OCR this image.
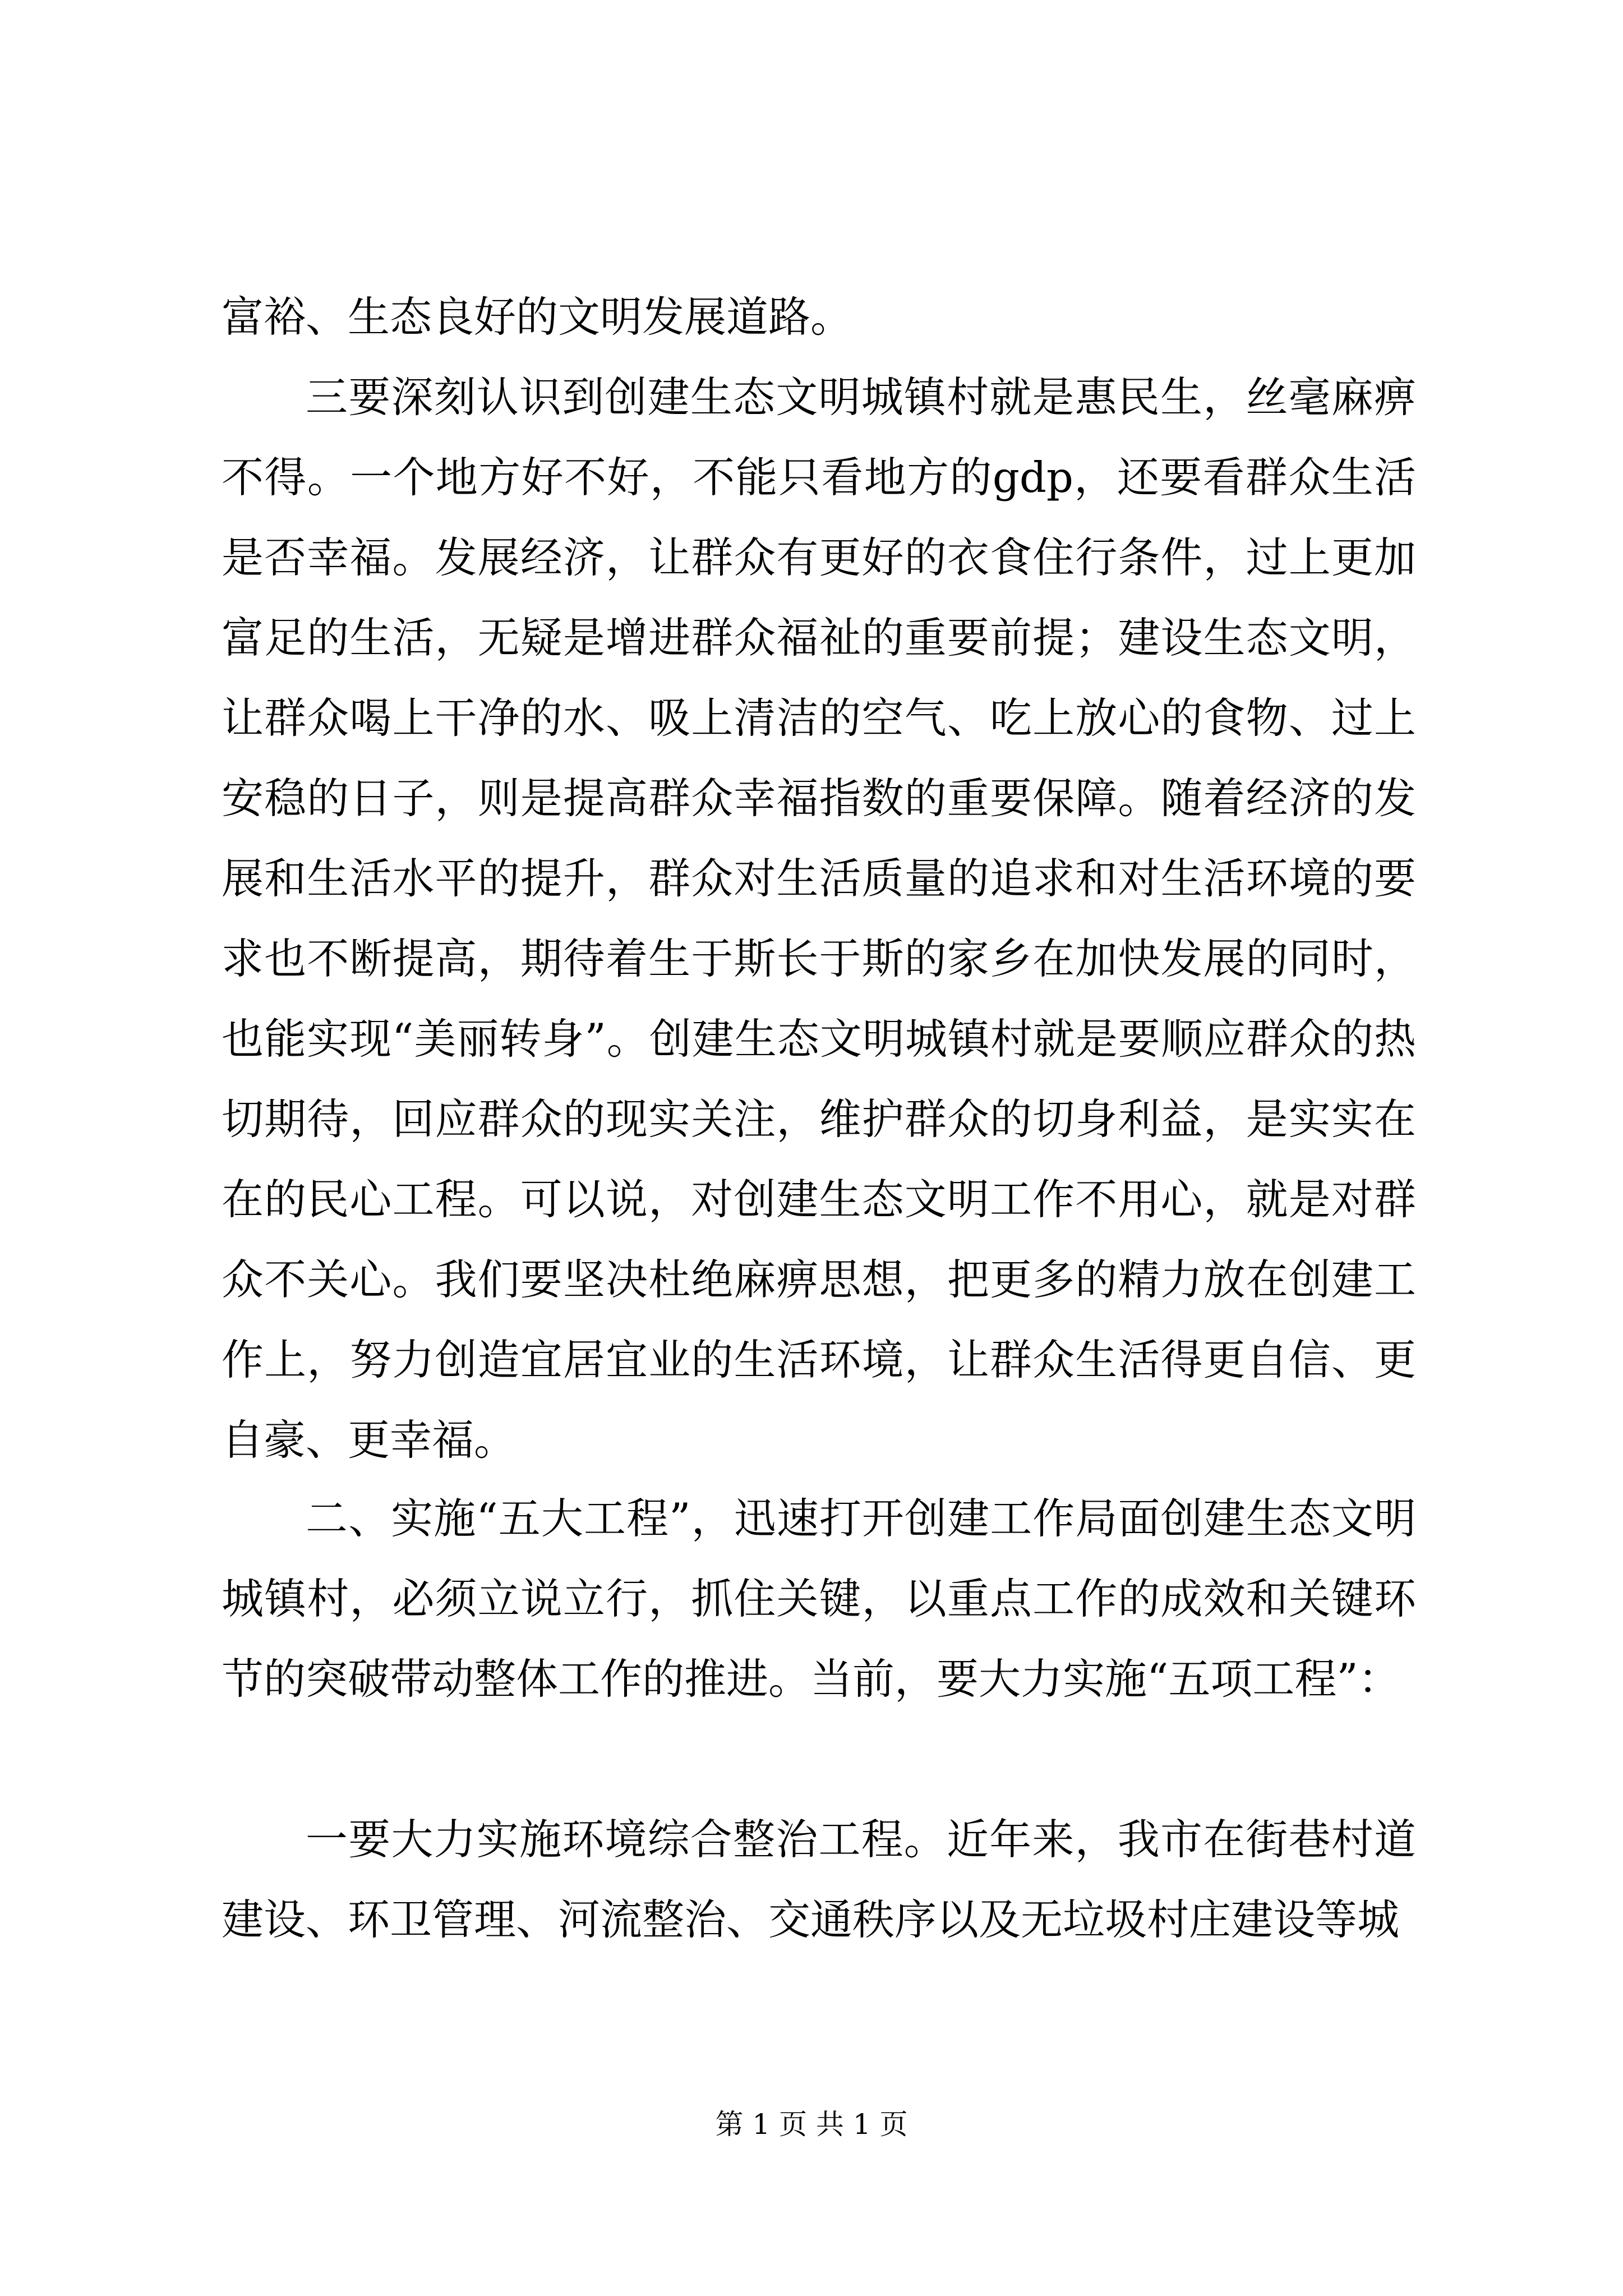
富裕、生态良好的文明发展道路。

三要深刻认识到创建生态文明城镇村就是惠民生，丝毫麻痹不得。一个地方好不好，不能只看地方的gdp，还要看群众生活是否幸福。发展经济，让群众有更好的衣食住行条件，过上更加富足的生活，无疑是增进群众福祉的重要前提；建设生态文明，让群众喝上干净的水、吸上清洁的空气、吃上放心的食物、过上安稳的日子，则是提高群众幸福指数的重要保障。随着经济的发展和生活水平的提升，群众对生活质量的追求和对生活环境的要求也不断提高，期待着生于斯长于斯的家乡在加快发展的同时，也能实现“美丽转身”。创建生态文明城镇村就是要顺应群众的热切期待，回应群众的现实关注，维护群众的切身利益，是实实在在的民心工程。可以说，对创建生态文明工作不用心，就是对群众不关心。我们要坚决杜绝麻痹思想，把更多的精力放在创建工作上，努力创造宜居宜业的生活环境，让群众生活得更自信、更自豪、更幸福。

二、实施“五大工程”，迅速打开创建工作局面创建生态文明城镇村，必须立说立行，抓住关键，以重点工作的成效和关键环节的突破带动整体工作的推进。当前，要大力实施“五项工程”：

一要大力实施环境综合整治工程。近年来，我市在街巷村道建设、环卫管理、河流整治、交通秩序以及无垃圾村庄建设等城

第 1 页 共 1 页
